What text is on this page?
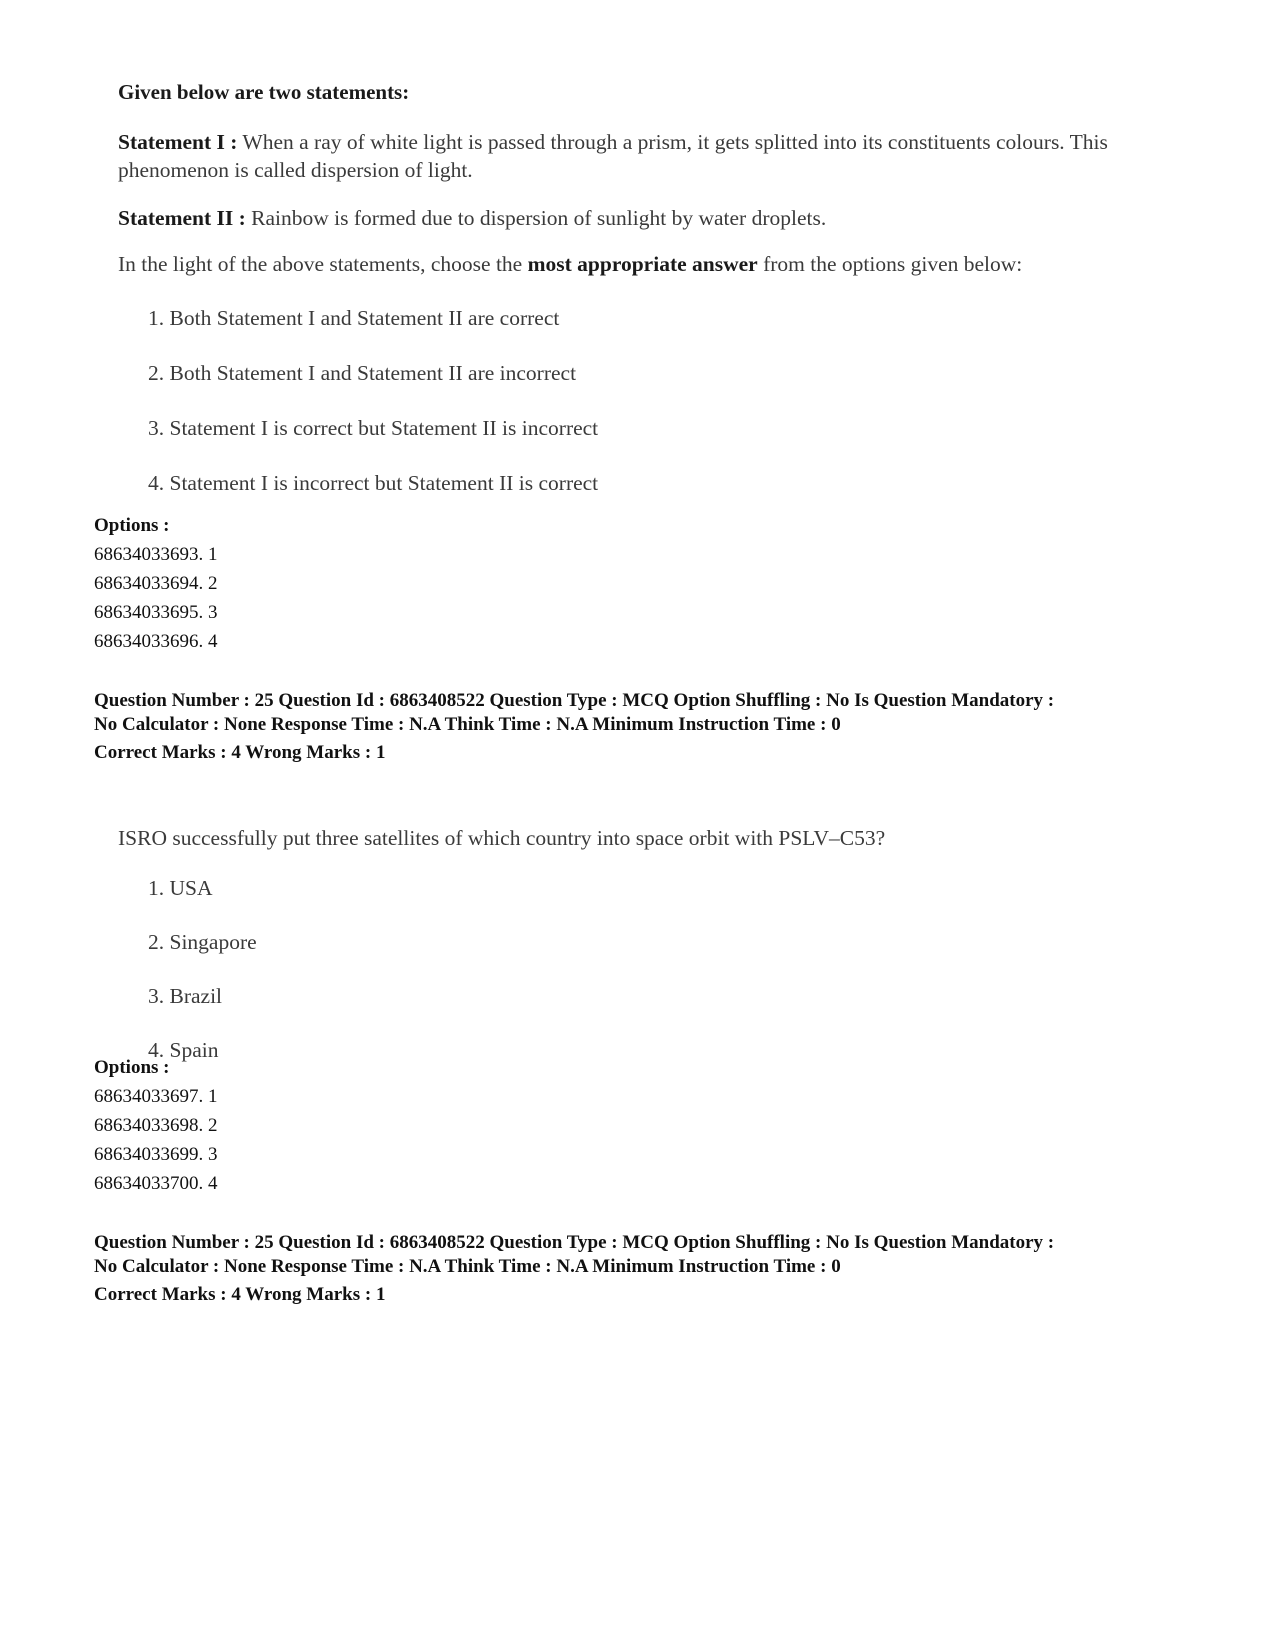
Given below are two statements:

Statement I : When a ray of white light is passed through a prism, it gets splitted into its constituents colours. This phenomenon is called dispersion of light.

Statement II : Rainbow is formed due to dispersion of sunlight by water droplets.

In the light of the above statements, choose the most appropriate answer from the options given below:

1. Both Statement I and Statement II are correct
2. Both Statement I and Statement II are incorrect
3. Statement I is correct but Statement II is incorrect
4. Statement I is incorrect but Statement II is correct
Options :
68634033693. 1
68634033694. 2
68634033695. 3
68634033696. 4
Question Number : 25 Question Id : 6863408522 Question Type : MCQ Option Shuffling : No Is Question Mandatory :
No Calculator : None Response Time : N.A Think Time : N.A Minimum Instruction Time : 0
Correct Marks : 4 Wrong Marks : 1

ISRO successfully put three satellites of which country into space orbit with PSLV–C53?

1. USA
2. Singapore
3. Brazil
4. Spain
Options :
68634033697. 1
68634033698. 2
68634033699. 3
68634033700. 4
Question Number : 25 Question Id : 6863408522 Question Type : MCQ Option Shuffling : No Is Question Mandatory :
No Calculator : None Response Time : N.A Think Time : N.A Minimum Instruction Time : 0
Correct Marks : 4 Wrong Marks : 1
